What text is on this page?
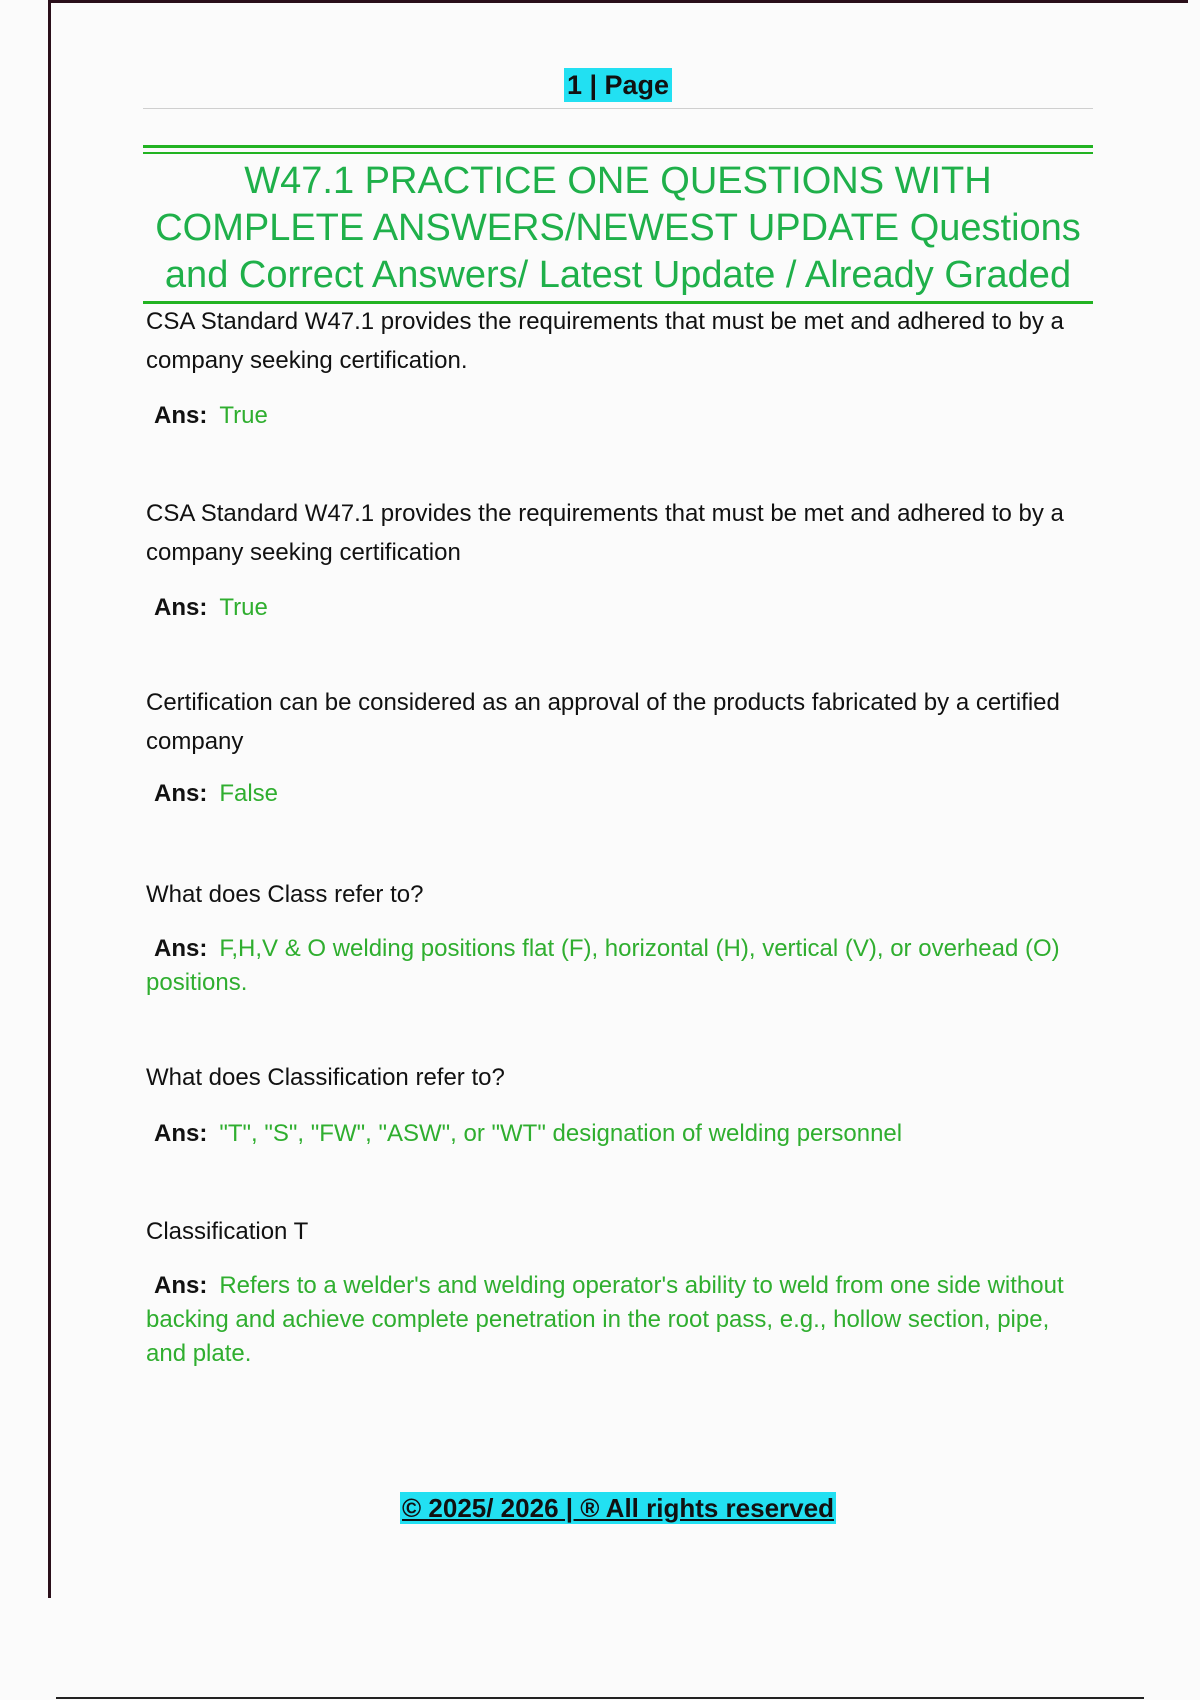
1 | Page
W47.1 PRACTICE ONE QUESTIONS WITH
COMPLETE ANSWERS/NEWEST UPDATE Questions
and Correct Answers/ Latest Update / Already Graded

CSA Standard W47.1 provides the requirements that must be met and adhered to by a company seeking certification.

Ans: True

CSA Standard W47.1 provides the requirements that must be met and adhered to by a company seeking certification

Ans: True

Certification can be considered as an approval of the products fabricated by a certified company

Ans: False

What does Class refer to?

Ans: F,H,V & O welding positions flat (F), horizontal (H), vertical (V), or overhead (O) positions.

What does Classification refer to?

Ans: "T", "S", "FW", "ASW", or "WT" designation of welding personnel

Classification T

Ans: Refers to a welder's and welding operator's ability to weld from one side without backing and achieve complete penetration in the root pass, e.g., hollow section, pipe, and plate.

© 2025/ 2026 | ® All rights reserved
